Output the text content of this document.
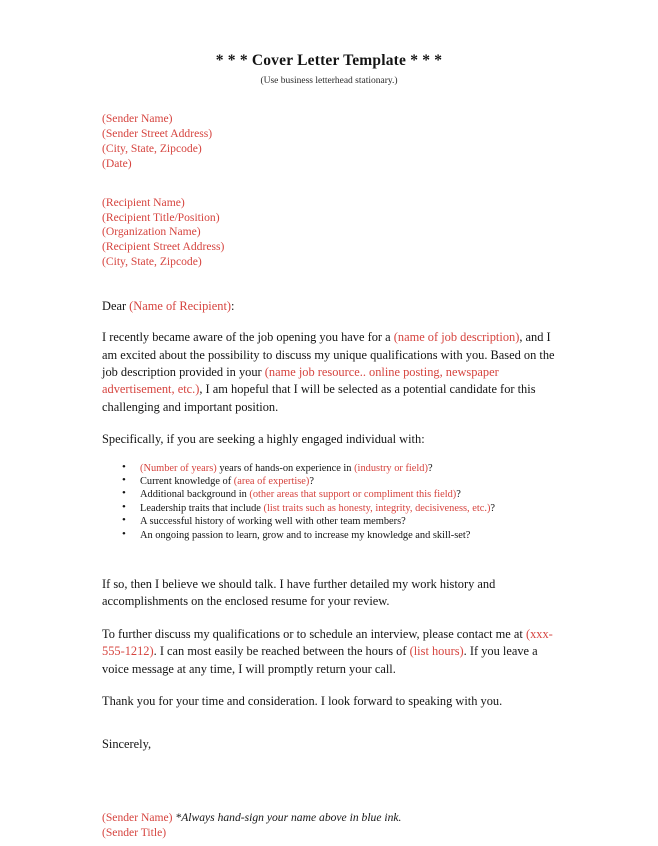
* * * Cover Letter Template * * *
(Use business letterhead stationary.)
(Sender Name)
(Sender Street Address)
(City, State, Zipcode)
(Date)
(Recipient Name)
(Recipient Title/Position)
(Organization Name)
(Recipient Street Address)
(City, State, Zipcode)
Dear (Name of Recipient):
I recently became aware of the job opening you have for a (name of job description), and I am excited about the possibility to discuss my unique qualifications with you. Based on the job description provided in your (name job resource.. online posting, newspaper advertisement, etc.), I am hopeful that I will be selected as a potential candidate for this challenging and important position.
Specifically, if you are seeking a highly engaged individual with:
• (Number of years) years of hands-on experience in (industry or field)?
• Current knowledge of (area of expertise)?
• Additional background in (other areas that support or compliment this field)?
• Leadership traits that include (list traits such as honesty, integrity, decisiveness, etc.)?
• A successful history of working well with other team members?
• An ongoing passion to learn, grow and to increase my knowledge and skill-set?
If so, then I believe we should talk. I have further detailed my work history and accomplishments on the enclosed resume for your review.
To further discuss my qualifications or to schedule an interview, please contact me at (xxx-555-1212). I can most easily be reached between the hours of (list hours). If you leave a voice message at any time, I will promptly return your call.
Thank you for your time and consideration. I look forward to speaking with you.
Sincerely,
(Sender Name) *Always hand-sign your name above in blue ink.
(Sender Title)
